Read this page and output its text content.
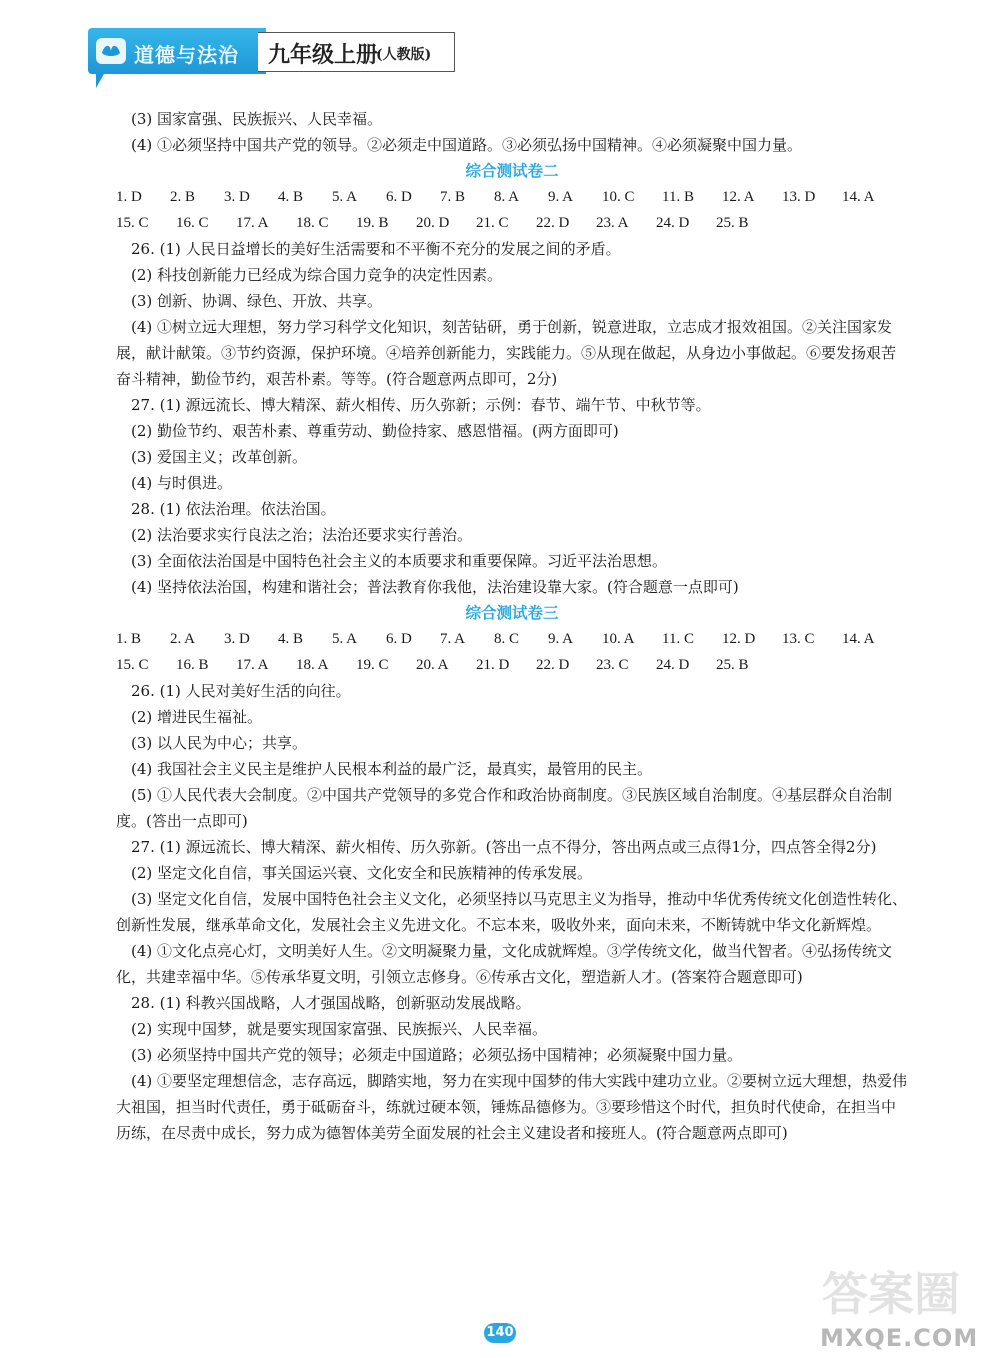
道德与法治 九年级上册
(人教版)
(3) 国家富强、民族振兴、人民幸福。
(4) ①必须坚持中国共产党的领导。②必须走中国道路。③必须弘扬中国精神。④必须凝聚中国力量。
综合测试卷二
1. D	2. B	3. D	4. B	5. A	6. D	7. B	8. A	9. A	10. C	11. B	12. A	13. D	14. A
15. C	16. C	17. A	18. C	19. B	20. D	21. C	22. D	23. A	24. D	25. B
26. (1) 人民日益增长的美好生活需要和不平衡不充分的发展之间的矛盾。
(2) 科技创新能力已经成为综合国力竞争的决定性因素。
(3) 创新、协调、绿色、开放、共享。
(4) ①树立远大理想，努力学习科学文化知识，刻苦钻研，勇于创新，锐意进取，立志成才报效祖国。②关注国家发展，献计献策。③节约资源，保护环境。④培养创新能力，实践能力。⑤从现在做起，从身边小事做起。⑥要发扬艰苦奋斗精神，勤俭节约，艰苦朴素。等等。(符合题意两点即可，2分)
27. (1) 源远流长、博大精深、薪火相传、历久弥新；示例：春节、端午节、中秋节等。
(2) 勤俭节约、艰苦朴素、尊重劳动、勤俭持家、感恩惜福。(两方面即可)
(3) 爱国主义；改革创新。
(4) 与时俱进。
28. (1) 依法治理。依法治国。
(2) 法治要求实行良法之治；法治还要求实行善治。
(3) 全面依法治国是中国特色社会主义的本质要求和重要保障。习近平法治思想。
(4) 坚持依法治国，构建和谐社会；普法教育你我他，法治建设靠大家。(符合题意一点即可)
综合测试卷三
1. B	2. A	3. D	4. B	5. A	6. D	7. A	8. C	9. A	10. A	11. C	12. D	13. C	14. A
15. C	16. B	17. A	18. A	19. C	20. A	21. D	22. D	23. C	24. D	25. B
26. (1) 人民对美好生活的向往。
(2) 增进民生福祉。
(3) 以人民为中心；共享。
(4) 我国社会主义民主是维护人民根本利益的最广泛，最真实，最管用的民主。
(5) ①人民代表大会制度。②中国共产党领导的多党合作和政治协商制度。③民族区域自治制度。④基层群众自治制度。(答出一点即可)
27. (1) 源远流长、博大精深、薪火相传、历久弥新。(答出一点不得分，答出两点或三点得1分，四点答全得2分)
(2) 坚定文化自信，事关国运兴衰、文化安全和民族精神的传承发展。
(3) 坚定文化自信，发展中国特色社会主义文化，必须坚持以马克思主义为指导，推动中华优秀传统文化创造性转化、创新性发展，继承革命文化，发展社会主义先进文化。不忘本来，吸收外来，面向未来，不断铸就中华文化新辉煌。
(4) ①文化点亮心灯，文明美好人生。②文明凝聚力量，文化成就辉煌。③学传统文化，做当代智者。④弘扬传统文化，共建幸福中华。⑤传承华夏文明，引领立志修身。⑥传承古文化，塑造新人才。(答案符合题意即可)
28. (1) 科教兴国战略，人才强国战略，创新驱动发展战略。
(2) 实现中国梦，就是要实现国家富强、民族振兴、人民幸福。
(3) 必须坚持中国共产党的领导；必须走中国道路；必须弘扬中国精神；必须凝聚中国力量。
(4) ①要坚定理想信念，志存高远，脚踏实地，努力在实现中国梦的伟大实践中建功立业。②要树立远大理想，热爱伟大祖国，担当时代责任，勇于砥砺奋斗，练就过硬本领，锤炼品德修为。③要珍惜这个时代，担负时代使命，在担当中历练，在尽责中成长，努力成为德智体美劳全面发展的社会主义建设者和接班人。(符合题意两点即可)
140
答案圈
MXQE.COM
